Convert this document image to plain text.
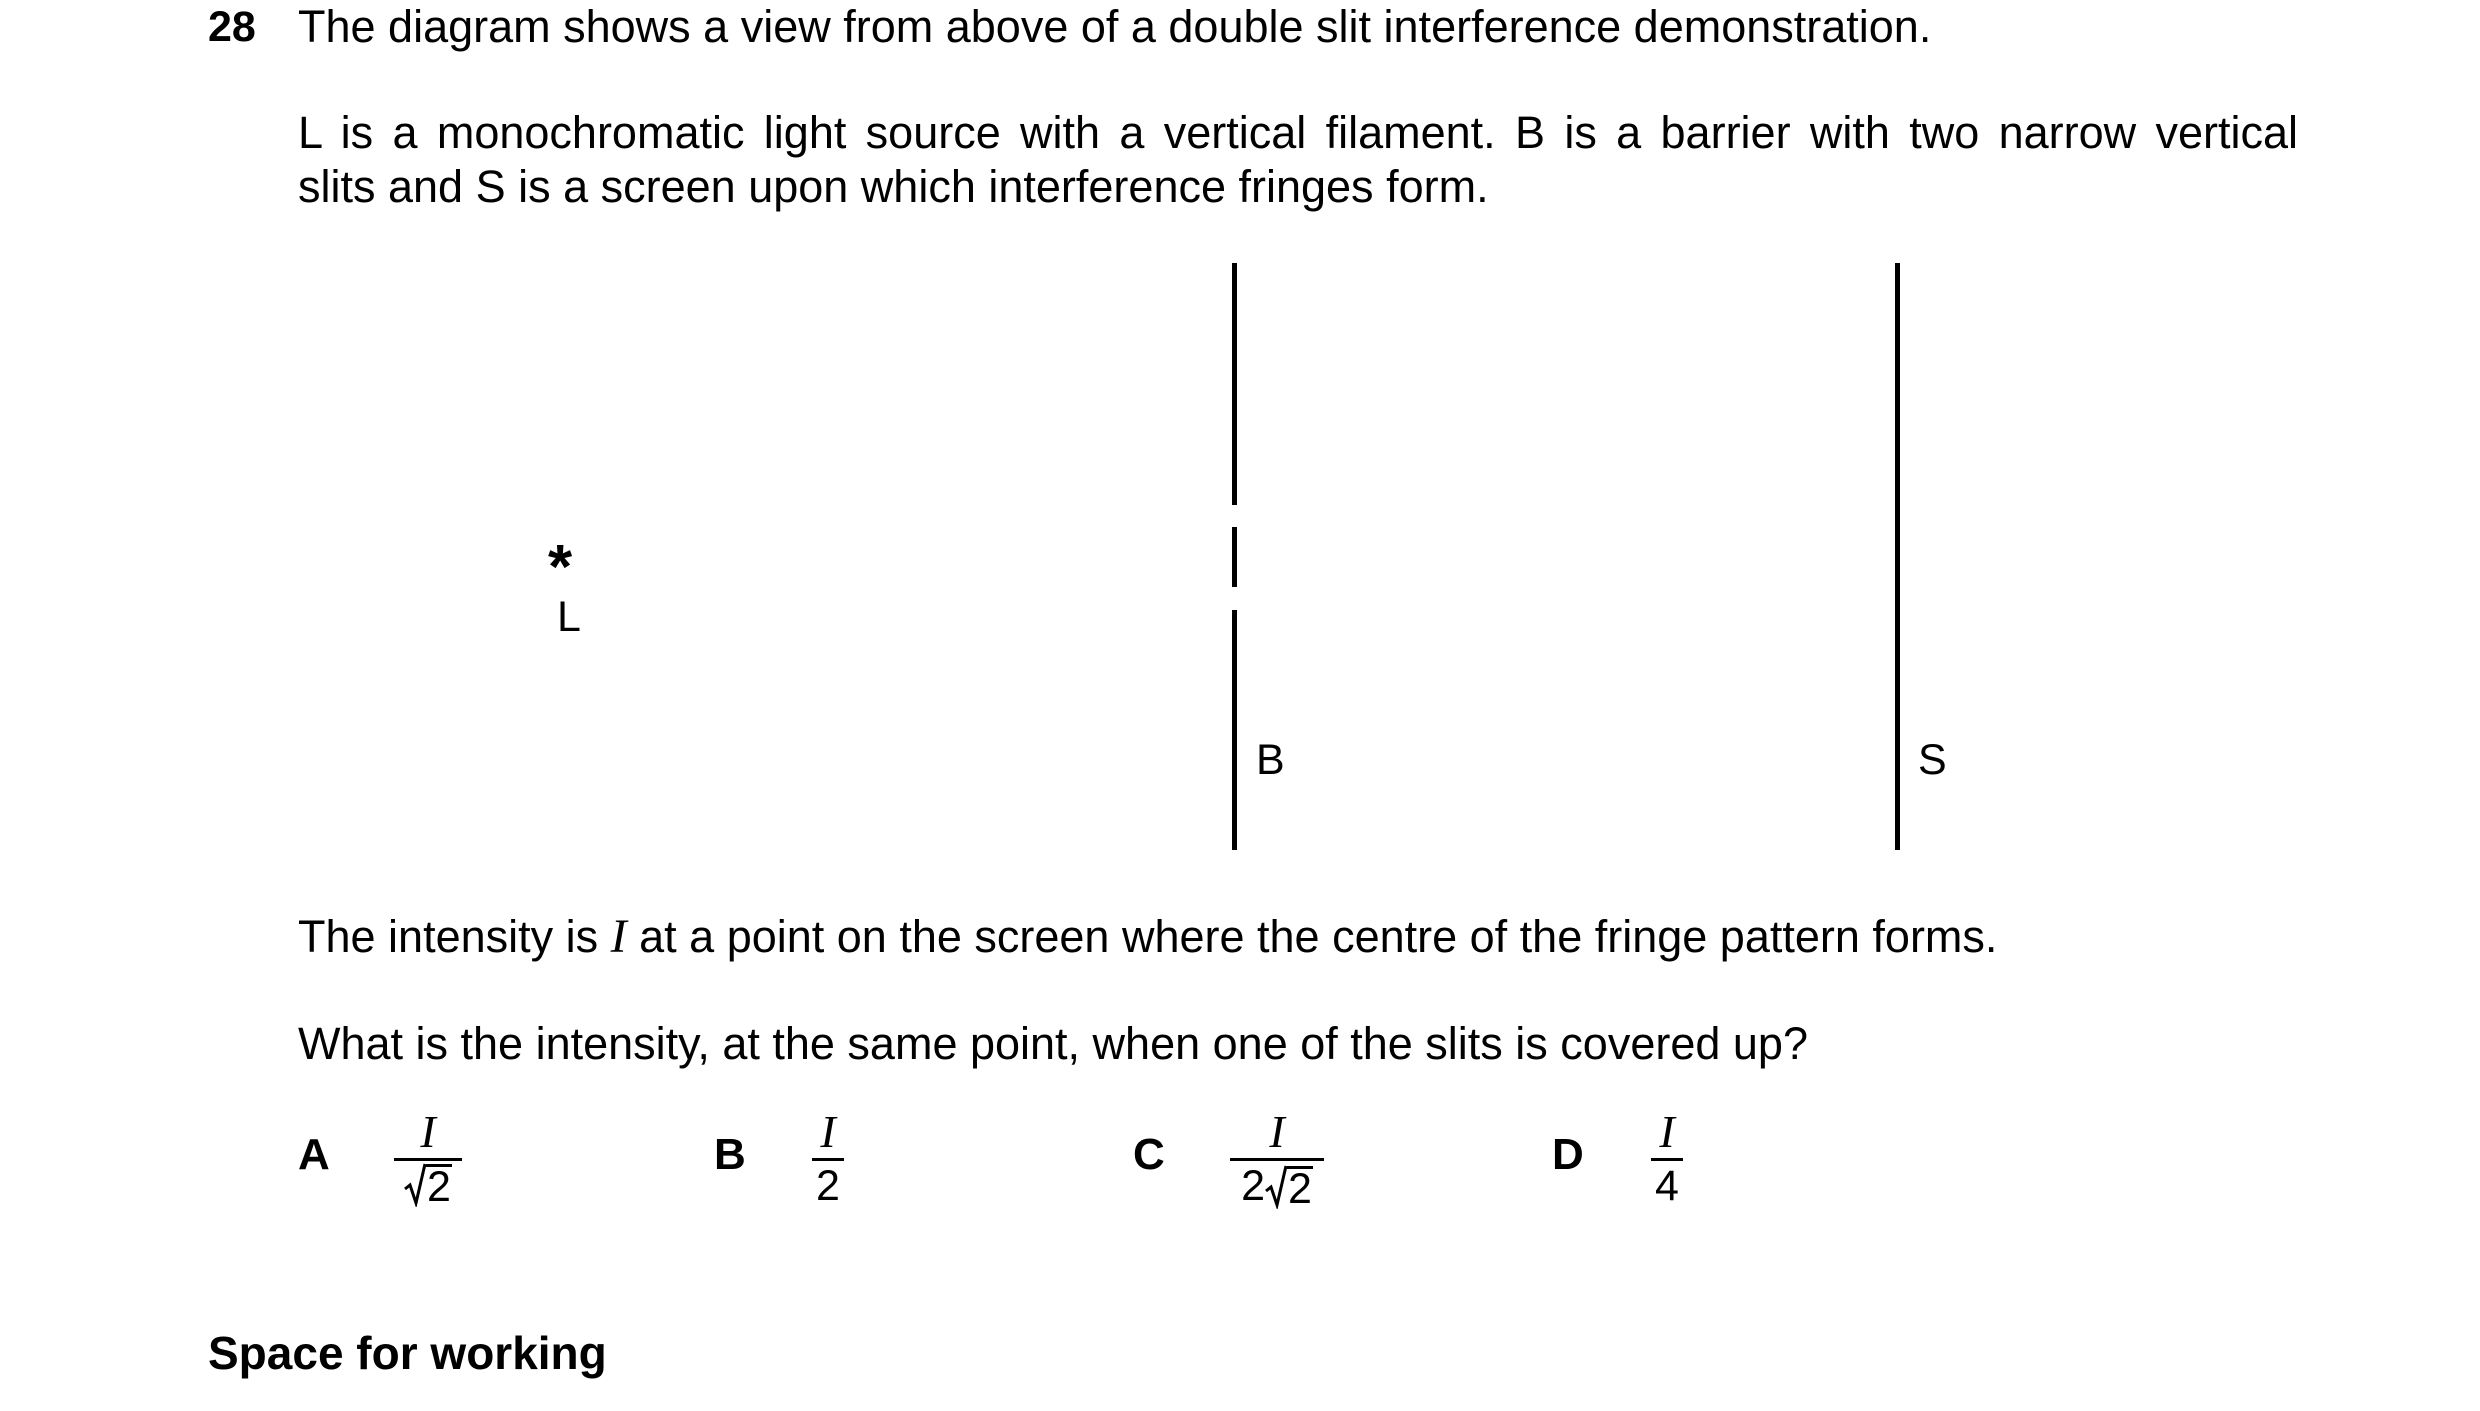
28 The diagram shows a view from above of a double slit interference demonstration.
L is a monochromatic light source with a vertical filament. B is a barrier with two narrow vertical
slits and S is a screen upon which interference fringes form.
*
L
B	S
The intensity is I at a point on the screen where the centre of the fringe pattern forms.
What is the intensity, at the same point, when one of the slits is covered up?
A I
2
B I
2
C I
2 2
D I
4
Space for working
